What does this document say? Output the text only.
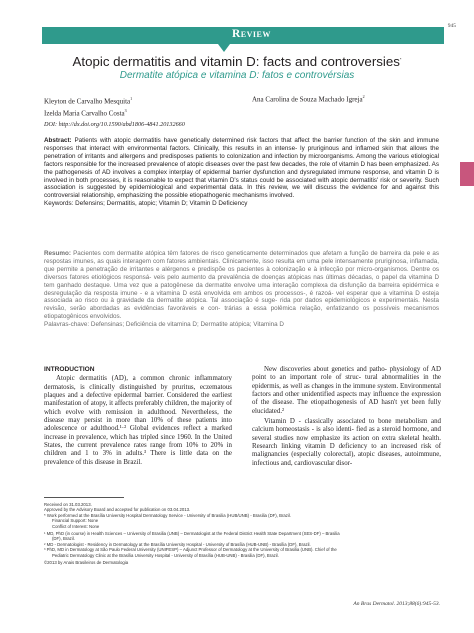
945
Review
Atopic dermatitis and vitamin D: facts and controversies*
Dermatite atópica e vitamina D: fatos e controvérsias
Kleyton de Carvalho Mesquita$^1$
Izelda Maria Carvalho Costa$^3$
Ana Carolina de Souza Machado Igreja$^2$
DOI: http://dx.doi.org/10.1590/abd1806-4841.20132660
Abstract: Patients with atopic dermatitis have genetically determined risk factors that affect the barrier function of the skin and immune responses that interact with environmental factors. Clinically, this results in an intense- ly pruriginous and inflamed skin that allows the penetration of irritants and allergens and predisposes patients to colonization and infection by microorganisms. Among the various etiological factors responsible for the increased prevalence of atopic diseases over the past few decades, the role of vitamin D has been emphasized. As the pathogenesis of AD involves a complex interplay of epidermal barrier dysfunction and dysregulated immune response, and vitamin D is involved in both processes, it is reasonable to expect that vitamin D's status could be associated with atopic dermatitis' risk or severity. Such association is suggested by epidemiological and experimental data. In this review, we will discuss the evidence for and against this controversial relationship, emphasizing the possible etiopathogenic mechanisms involved.
Keywords: Defensins; Dermatitis, atopic; Vitamin D; Vitamin D Deficiency
Resumo: Pacientes com dermatite atópica têm fatores de risco geneticamente determinados que afetam a função de barreira da pele e as respostas imunes, as quais interagem com fatores ambientais. Clinicamente, isso resulta em uma pele intensamente pruriginosa, inflamada, que permite a penetração de irritantes e alérgenos e predispõe os pacientes à colonização e à infecção por micro-organismos. Dentre os diversos fatores etiológicos responsá- veis pelo aumento da prevalência de doenças atópicas nas últimas décadas, o papel da vitamina D tem ganhado destaque. Uma vez que a patogênese da dermatite envolve uma interação complexa da disfunção da barreira epidérmica e desregulação da resposta imune - e a vitamina D está envolvida em ambos os processos-, é razoá- vel esperar que a vitamina D esteja associada ao risco ou à gravidade da dermatite atópica. Tal associação é suge- rida por dados epidemiológicos e experimentais. Nesta revisão, serão abordadas as evidências favoráveis e con- trárias a essa polêmica relação, enfatizando os possíveis mecanismos etiopatogênicos envolvidos.
Palavras-chave: Defensinas; Deficiência de vitamina D; Dermatite atópica; Vitamina D
INTRODUCTION

Atopic dermatitis (AD), a common chronic inflammatory dermatosis, is clinically distinguished by pruritus, eczematous plaques and a defective epidermal barrier. Considered the earliest manifestation of atopy, it affects preferably children, the majority of which evolve with remission in adulthood. Nevertheless, the disease may persist in more than 10% of these patients into adolescence or adulthood.¹·² Global evidences reflect a marked increase in prevalence, which has tripled since 1960. In the United States, the current prevalence rates range from 10% to 20% in children and 1 to 3% in adults.³ There is little data on the prevalence of this disease in Brazil.

New discoveries about genetics and patho- physiology of AD point to an important role of struc- tural abnormalities in the epidermis, as well as changes in the immune system. Environmental factors and other unidentified aspects may influence the expression of the disease. The etiopathogenesis of AD hasn't yet been fully elucidated.²

Vitamin D - classically associated to bone metabolism and calcium homeostasis - is also identi- fied as a steroid hormone, and several studies now emphasize its action on extra skeletal health. Research linking vitamin D deficiency to an increased risk of malignancies (especially colorectal), atopic diseases, autoimmune, infectious and, cardiovascular disor-

Received on 31.03.2013.
Approved by the Advisory Board and accepted for publication on 03.04.2013.
* Work performed at the Brasília University Hospital Dermatology Service - University of Brasilia (HUB/UNB) - Brasilia (DF), Brazil.
Financial Support: None
Conflict of Interest: None
¹ MD, PhD (in course) in Health Sciences – University of Brasilia (UNB) – Dermatologist at the Federal District Health State Department (SES-DF) – Brasilia
(DF), Brazil.
² MD - Dermatologist - Residency in Dermatology at the Brasília University Hospital - University of Brasília (HUB-UNB) - Brasília (DF), Brazil.
³ PhD, MD in Dermatology at São Paulo Federal University (UNIFESP) – Adjunct Professor of Dermatology at the University of Brasilia (UNB). Chief of the
Pediatric Dermatology Clinic at the Brasília University Hospital - University of Brasília (HUB-UNB) - Brasilia (DF), Brazil.
©2013 by Anais Brasileiros de Dermatologia
An Bras Dermatol. 2013;88(6):945-53.
